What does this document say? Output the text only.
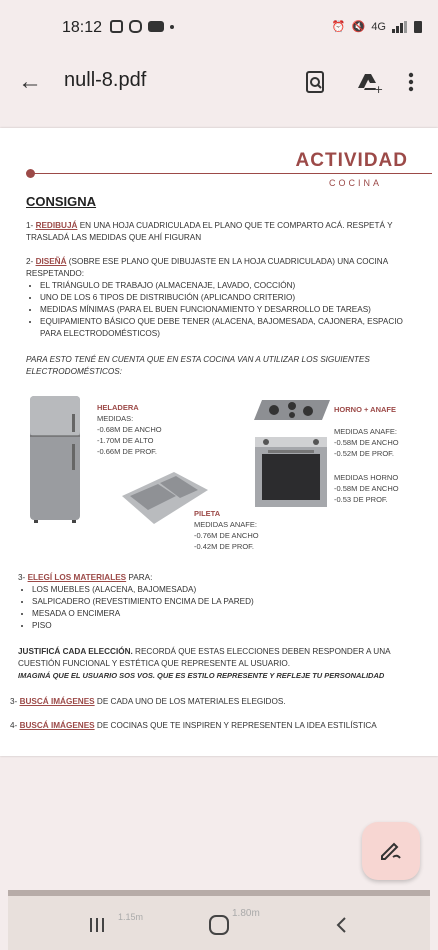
18:12	⏰ 🔇 4G
← null-8.pdf	+
ACTIVIDAD
COCINA
CONSIGNA
1- REDIBUJÁ EN UNA HOJA CUADRICULADA EL PLANO QUE TE COMPARTO ACÁ. RESPETÁ Y TRASLADÁ LAS MEDIDAS QUE AHÍ FIGURAN
2- DISEÑÁ (SOBRE ESE PLANO QUE DIBUJASTE EN LA HOJA CUADRICULADA) UNA COCINA RESPETANDO:
• EL TRIÁNGULO DE TRABAJO (ALMACENAJE, LAVADO, COCCIÓN)
• UNO DE LOS 6 TIPOS DE DISTRIBUCIÓN (APLICANDO CRITERIO)
• MEDIDAS MÍNIMAS (PARA EL BUEN FUNCIONAMIENTO Y DESARROLLO DE TAREAS)
• EQUIPAMIENTO BÁSICO QUE DEBE TENER (ALACENA, BAJOMESADA, CAJONERA, ESPACIO PARA ELECTRODOMÉSTICOS)
PARA ESTO TENÉ EN CUENTA QUE EN ESTA COCINA VAN A UTILIZAR LOS SIGUIENTES ELECTRODOMÉSTICOS:
HELADERA
MEDIDAS:
-0.68M DE ANCHO
-1.70M DE ALTO
-0.66M DE PROF.
HORNO + ANAFE
MEDIDAS ANAFE:
-0.58M DE ANCHO
-0.52M DE PROF.
MEDIDAS HORNO
-0.58M DE ANCHO
-0.53 DE PROF.
PILETA
MEDIDAS ANAFE:
-0.76M DE ANCHO
-0.42M DE PROF.
3- ELEGÍ LOS MATERIALES PARA:
• LOS MUEBLES (ALACENA, BAJOMESADA)
• SALPICADERO (REVESTIMIENTO ENCIMA DE LA PARED)
• MESADA O ENCIMERA
• PISO
JUSTIFICÁ CADA ELECCIÓN. RECORDÁ QUE ESTAS ELECCIONES DEBEN RESPONDER A UNA CUESTIÓN FUNCIONAL Y ESTÉTICA QUE REPRESENTE AL USUARIO.
IMAGINÁ QUE EL USUARIO SOS VOS. QUE ES ESTILO REPRESENTE Y REFLEJE TU PERSONALIDAD
3- BUSCÁ IMÁGENES DE CADA UNO DE LOS MATERIALES ELEGIDOS.
4- BUSCÁ IMÁGENES DE COCINAS QUE TE INSPIREN Y REPRESENTEN LA IDEA ESTILÍSTICA
1.15m	1.80m
